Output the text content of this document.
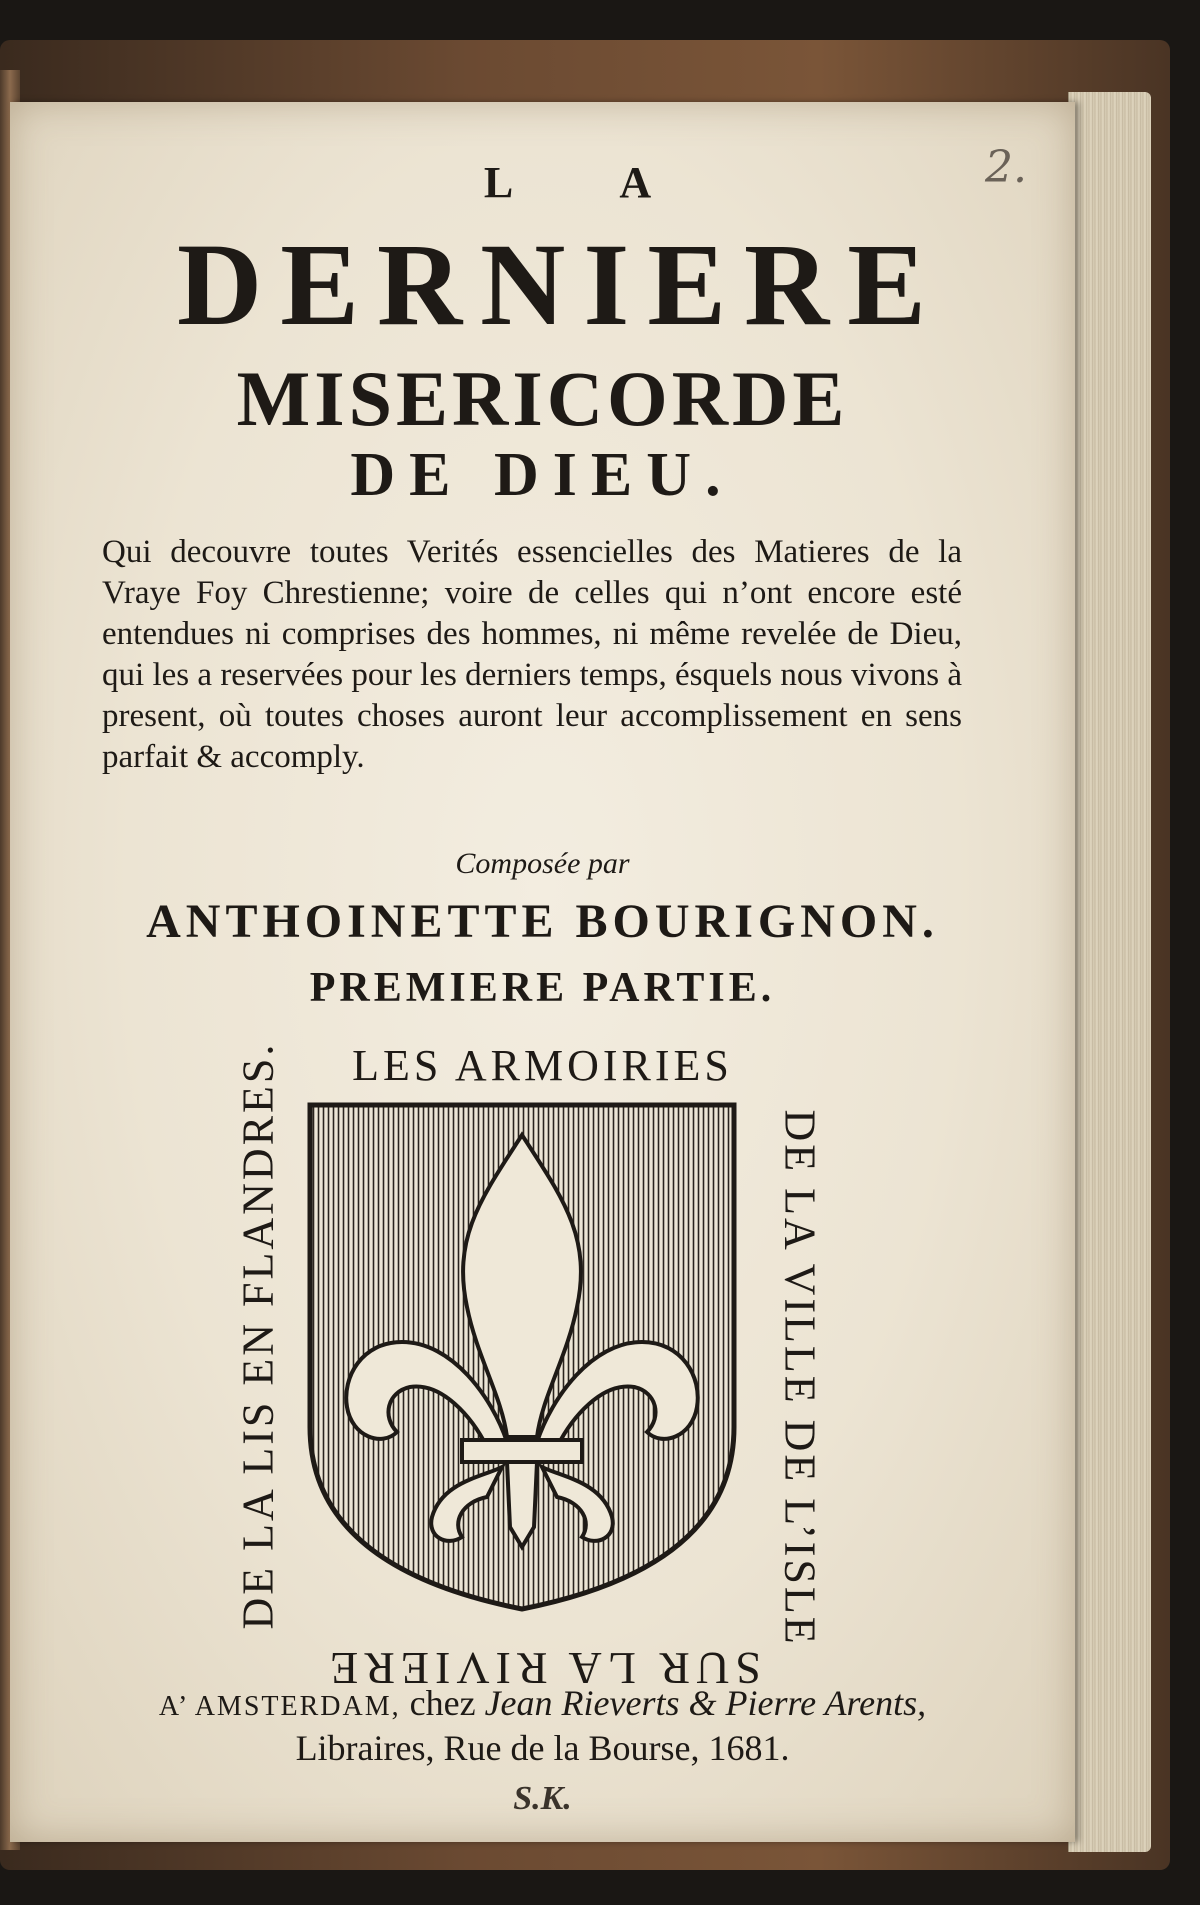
2.
L A
DERNIERE
MISERICORDE
DE DIEU.
Qui decouvre toutes Verités essencielles des Matieres de la Vraye Foy Chrestienne; voire de celles qui n’ont encore esté entendues ni comprises des hommes, ni même revelée de Dieu, qui les a reservées pour les derniers temps, ésquels nous vivons à present, où toutes choses auront leur accomplissement en sens parfait & accomply.
Composée par
ANTHOINETTE BOURIGNON.
PREMIERE PARTIE.
LES ARMOIRIES
DE LA LIS EN FLANDRES.	DE LA VILLE DE L’ISLE
SUR LA RIVIERE
A’ AMSTERDAM, chez Jean Rieverts & Pierre Arents,
Libraires, Rue de la Bourse, 1681.
S.K.
